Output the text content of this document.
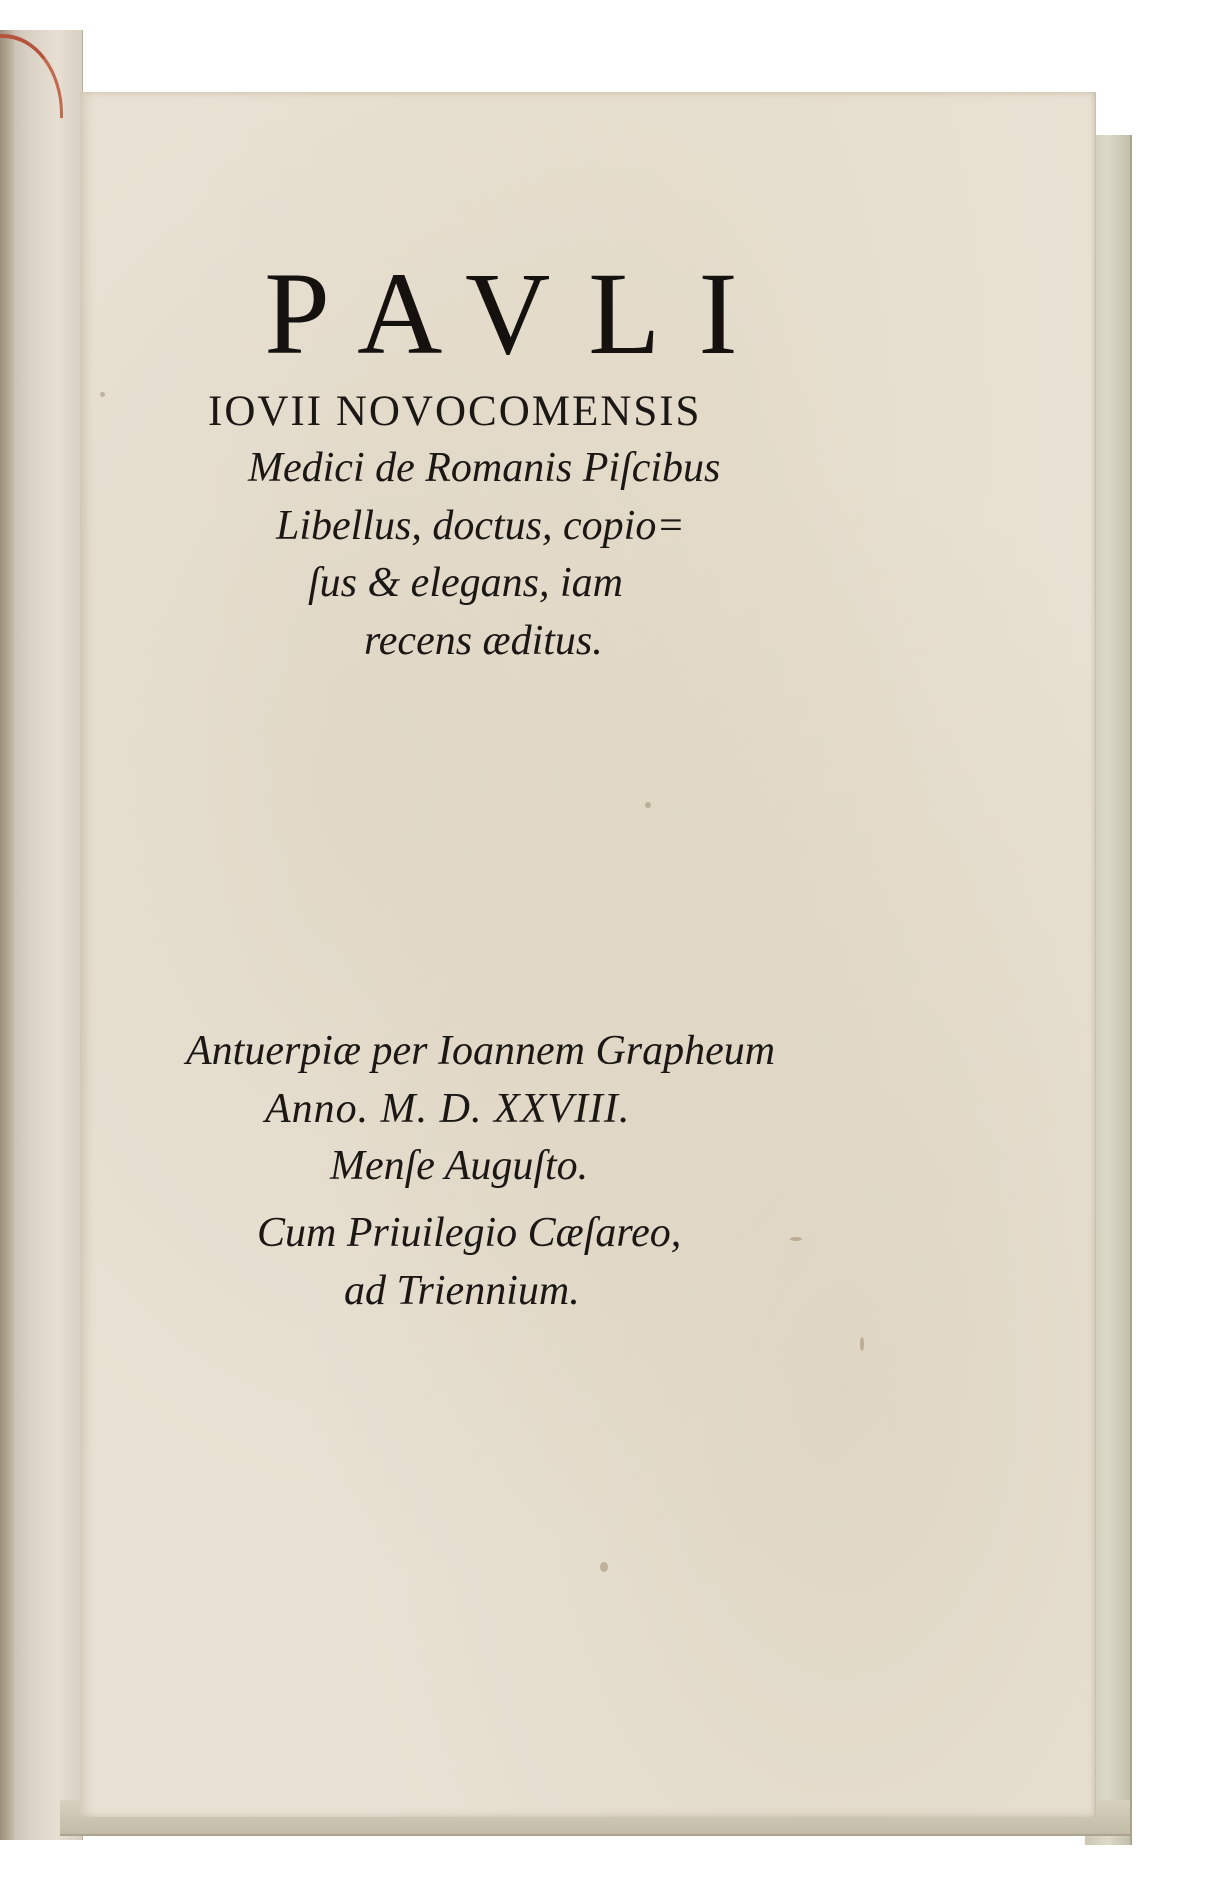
PAVLI
IOVII NOVOCOMENSIS
Medici de Romanis Piſcibus
Libellus, doctus, copio=
ſus & elegans, iam
recens æditus.
Antuerpiæ per Ioannem Grapheum
Anno. M. D. XXVIII.
Menſe Auguſto.
Cum Priuilegio Cæſareo,
ad Triennium.
